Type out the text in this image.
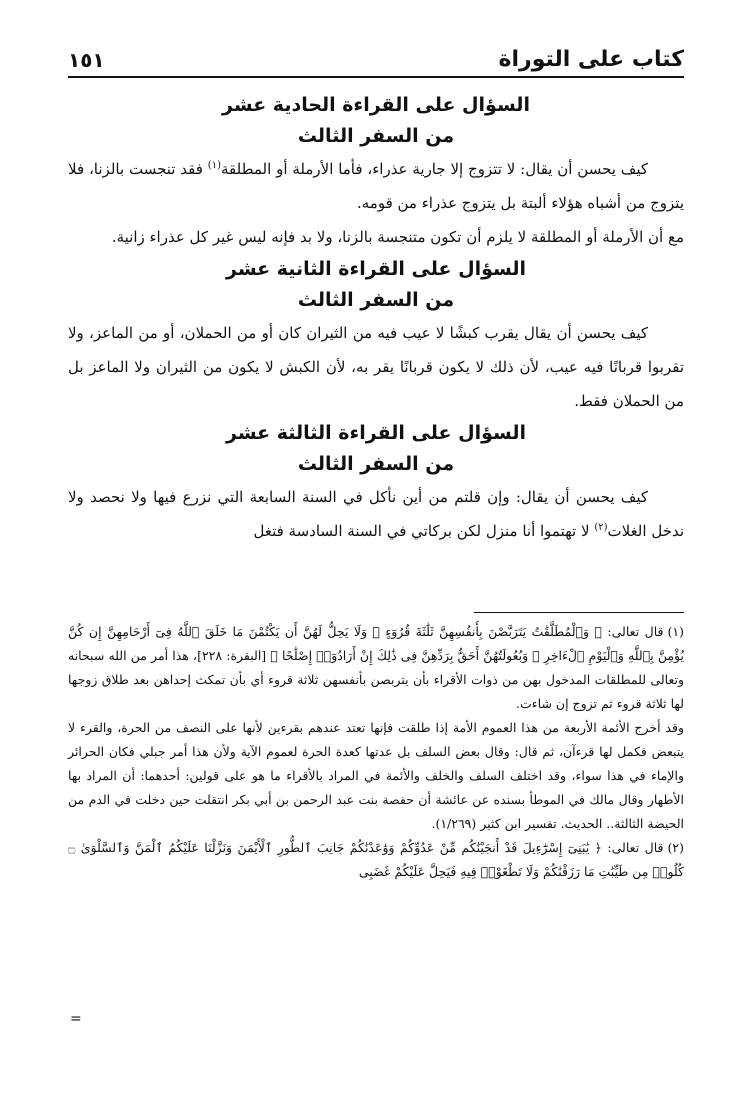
كتاب على التوراة
١٥١
السؤال على القراءة الحادية عشر
من السفر الثالث

كيف يحسن أن يقال: لا تتزوج إلا جارية عذراء، فأما الأرملة أو المطلقة$^{(١)}$ فقد تنجست بالزنا، فلا يتزوج من أشباه هؤلاء ألبتة بل يتزوج عذراء من قومه.

مع أن الأرملة أو المطلقة لا يلزم أن تكون متنجسة بالزنا، ولا بد فإنه ليس غير كل عذراء زانية.

السؤال على القراءة الثانية عشر
من السفر الثالث

كيف يحسن أن يقال يقرب كبشًا لا عيب فيه من الثيران كان أو من الحملان، أو من الماعز، ولا تقربوا قربانًا فيه عيب، لأن ذلك لا يكون قربانًا يقر به، لأن الكبش لا يكون من الثيران ولا الماعز بل من الحملان فقط.

السؤال على القراءة الثالثة عشر
من السفر الثالث

كيف يحسن أن يقال: وإن قلتم من أين نأكل في السنة السابعة التي نزرع فيها ولا نحصد ولا ندخل الغلات$^{(٢)}$ لا تهتموا أنا منزل لكن بركاتي في السنة السادسة فتغل

(١)قال تعالى: ﴿ وَٱلْمُطَلَّقَٰتُ يَتَرَبَّصْنَ بِأَنفُسِهِنَّ ثَلَٰثَةَ قُرُوٓءٍ ۚ وَلَا يَحِلُّ لَهُنَّ أَن يَكْتُمْنَ مَا خَلَقَ ٱللَّهُ فِىٓ أَرْحَامِهِنَّ إِن كُنَّ يُؤْمِنَّ بِٱللَّهِ وَٱلْيَوْمِ ٱلْءَاخِرِ ۚ وَبُعُولَتُهُنَّ أَحَقُّ بِرَدِّهِنَّ فِى ذَٰلِكَ إِنْ أَرَادُوٓا۟ إِصْلَٰحًا ﴾ [البقرة: ٢٢٨]، هذا أمر من الله سبحانه وتعالى للمطلقات المدخول بهن من ذوات الأقراء بأن يتربصن بأنفسهن ثلاثة قروء أي بأن تمكث إحداهن بعد طلاق زوجها لها ثلاثة قروء ثم تزوج إن شاءت.

وقد أخرج الأئمة الأربعة من هذا العموم الأمة إذا طلقت فإنها تعتد عندهم بقرءين لأنها على النصف من الحرة، والقرء لا يتبعض فكمل لها قرءآن، ثم قال: وقال بعض السلف بل عدتها كعدة الحرة لعموم الآية ولأن هذا أمر جبلي فكان الحرائر والإماء في هذا سواء، وقد اختلف السلف والخلف والأئمة في المراد بالأقراء ما هو على قولين: أحدهما: أن المراد بها الأطهار وقال مالك في الموطأ بسنده عن عائشة أن حفصة بنت عبد الرحمن بن أبي بكر انتقلت حين دخلت في الدم من الحيضة الثالثة.. الحديث. تفسير ابن كثير (١/٢٦٩).

(٢)قال تعالى: ﴿ يَٰبَنِىٓ إِسْرَٰٓءِيلَ قَدْ أَنجَيْنَٰكُم مِّنْ عَدُوِّكُمْ وَوَٰعَدْنَٰكُمْ جَانِبَ ٱلطُّورِ ٱلْأَيْمَنَ وَنَزَّلْنَا عَلَيْكُمُ ٱلْمَنَّ وَٱلسَّلْوَىٰ ۝ كُلُوا۟ مِن طَيِّبَٰتِ مَا رَزَقْنَٰكُمْ وَلَا تَطْغَوْا۟ فِيهِ فَيَحِلَّ عَلَيْكُمْ غَضَبِى

=
